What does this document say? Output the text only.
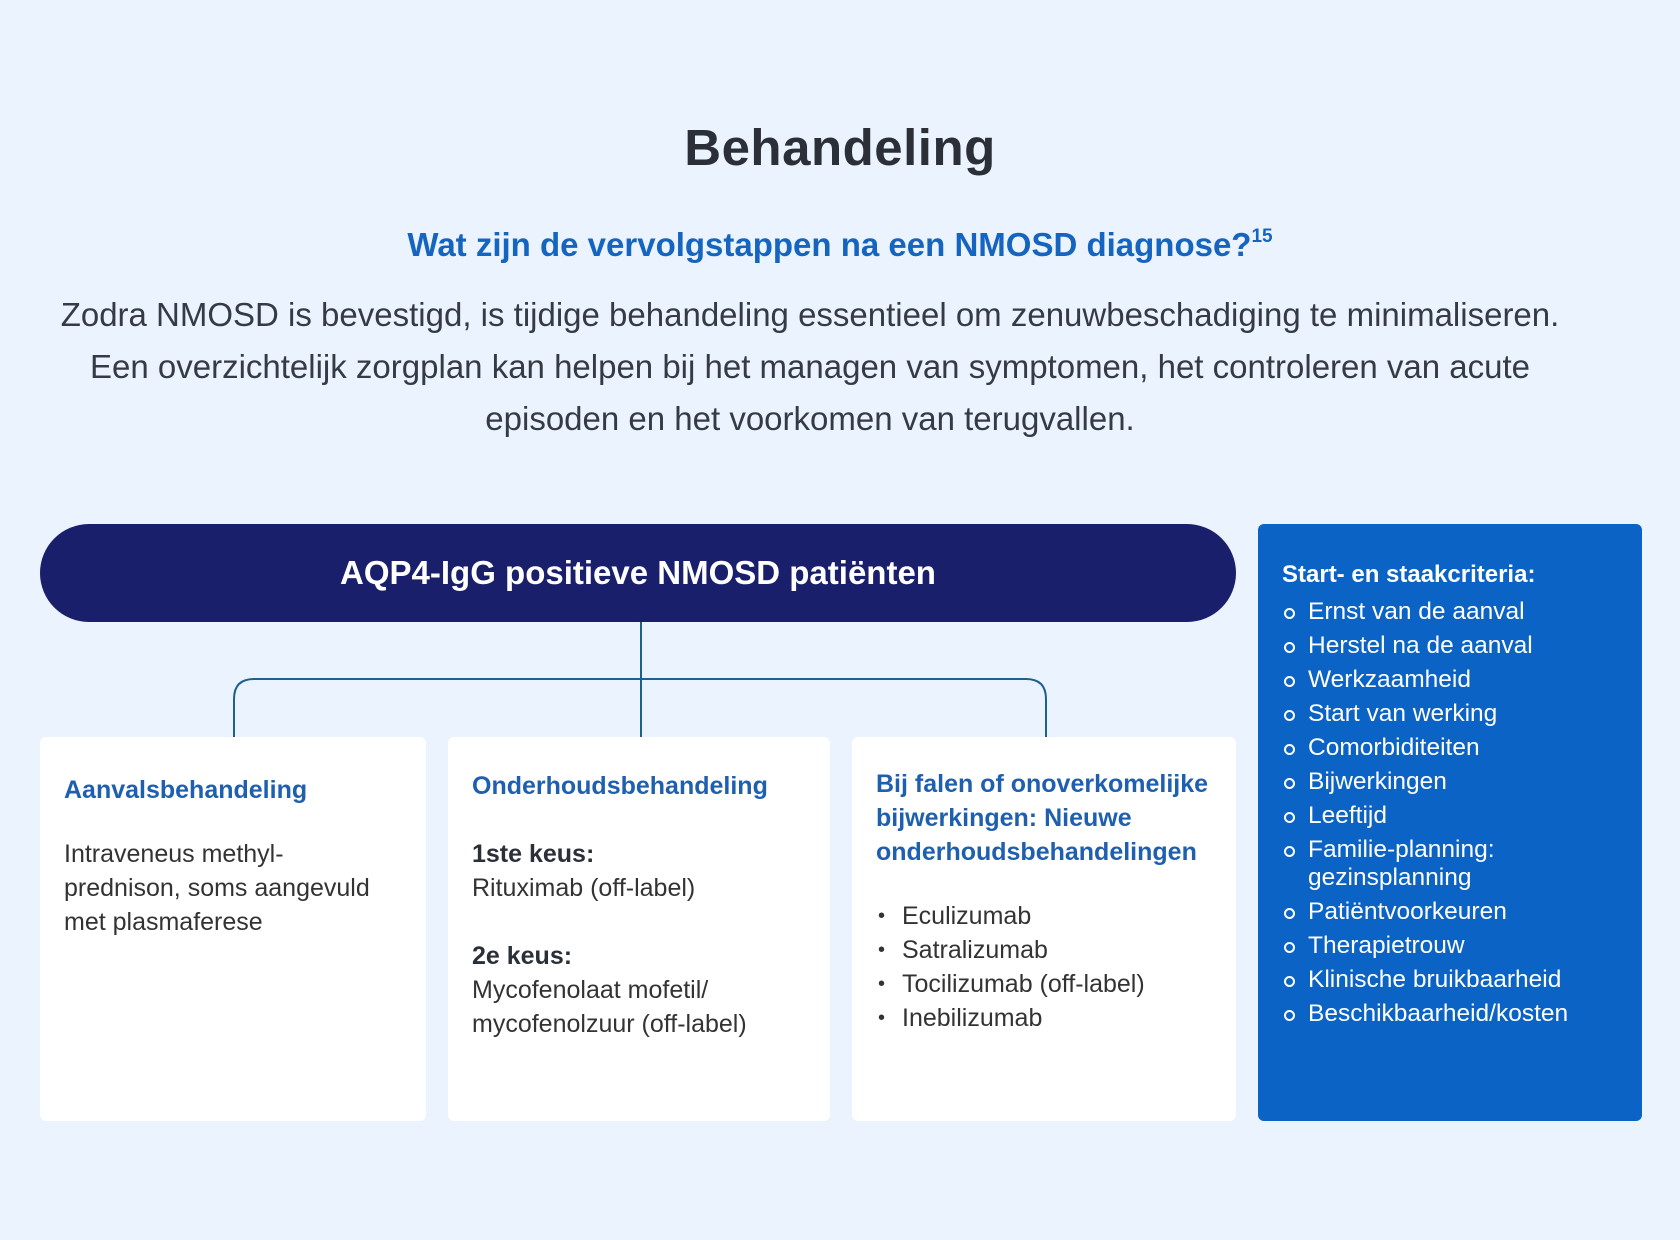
Behandeling
Wat zijn de vervolgstappen na een NMOSD diagnose?$^{15}$

Zodra NMOSD is bevestigd, is tijdige behandeling essentieel om zenuwbeschadiging te minimaliseren. Een overzichtelijk zorgplan kan helpen bij het managen van symptomen, het controleren van acute episoden en het voorkomen van terugvallen.

AQP4-IgG positieve NMOSD patiënten

Aanvalsbehandeling

Intraveneus methyl-prednison, soms aangevuld met plasmaferese

Onderhoudsbehandeling

1ste keus:

Rituximab (off-label)

2e keus:

Mycofenolaat mofetil/ mycofenolzuur (off-label)

Bij falen of onoverkomelijke bijwerkingen: Nieuwe onderhoudsbehandelingen

• Eculizumab
• Satralizumab
• Tocilizumab (off-label)
• Inebilizumab

Start- en staakcriteria:

Ernst van de aanval
Herstel na de aanval
Werkzaamheid
Start van werking
Comorbiditeiten
Bijwerkingen
Leeftijd
Familie-planning: gezinsplanning
Patiëntvoorkeuren
Therapietrouw
Klinische bruikbaarheid
Beschikbaarheid/kosten
